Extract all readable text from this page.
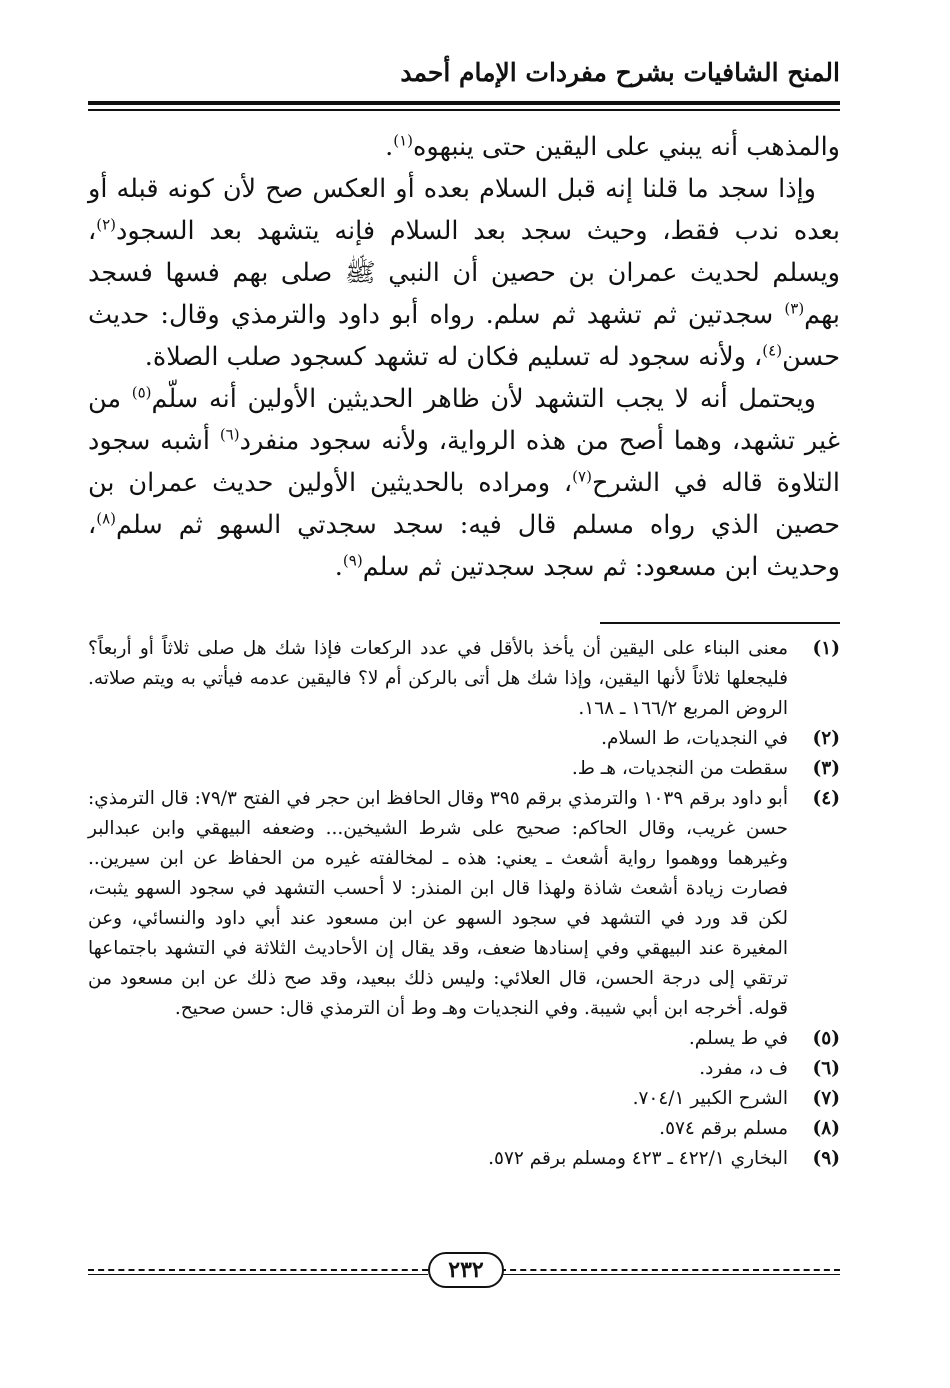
المنح الشافيات بشرح مفردات الإمام أحمد

والمذهب أنه يبني على اليقين حتى ينبهوه$^{(١)}$.

وإذا سجد ما قلنا إنه قبل السلام بعده أو العكس صح لأن كونه قبله أو بعده ندب فقط، وحيث سجد بعد السلام فإنه يتشهد بعد السجود$^{(٢)}$، ويسلم لحديث عمران بن حصين أن النبي ﷺ صلى بهم فسها فسجد بهم$^{(٣)}$ سجدتين ثم تشهد ثم سلم. رواه أبو داود والترمذي وقال: حديث حسن$^{(٤)}$، ولأنه سجود له تسليم فكان له تشهد كسجود صلب الصلاة.

ويحتمل أنه لا يجب التشهد لأن ظاهر الحديثين الأولين أنه سلّم$^{(٥)}$ من غير تشهد، وهما أصح من هذه الرواية، ولأنه سجود منفرد$^{(٦)}$ أشبه سجود التلاوة قاله في الشرح$^{(٧)}$، ومراده بالحديثين الأولين حديث عمران بن حصين الذي رواه مسلم قال فيه: سجد سجدتي السهو ثم سلم$^{(٨)}$، وحديث ابن مسعود: ثم سجد سجدتين ثم سلم$^{(٩)}$.

(١)
معنى البناء على اليقين أن يأخذ بالأقل في عدد الركعات فإذا شك هل صلى ثلاثاً أو أربعاً؟ فليجعلها ثلاثاً لأنها اليقين، وإذا شك هل أتى بالركن أم لا؟ فاليقين عدمه فيأتي به ويتم صلاته. الروض المربع ١٦٦/٢ ـ ١٦٨.
(٢)
في النجديات، ط السلام.
(٣)
سقطت من النجديات، هـ ط.
(٤)
أبو داود برقم ١٠٣٩ والترمذي برقم ٣٩٥ وقال الحافظ ابن حجر في الفتح ٧٩/٣: قال الترمذي: حسن غريب، وقال الحاكم: صحيح على شرط الشيخين... وضعفه البيهقي وابن عبدالبر وغيرهما ووهموا رواية أشعث ـ يعني: هذه ـ لمخالفته غيره من الحفاظ عن ابن سيرين.. فصارت زيادة أشعث شاذة ولهذا قال ابن المنذر: لا أحسب التشهد في سجود السهو يثبت، لكن قد ورد في التشهد في سجود السهو عن ابن مسعود عند أبي داود والنسائي، وعن المغيرة عند البيهقي وفي إسنادها ضعف، وقد يقال إن الأحاديث الثلاثة في التشهد باجتماعها ترتقي إلى درجة الحسن، قال العلائي: وليس ذلك ببعيد، وقد صح ذلك عن ابن مسعود من قوله. أخرجه ابن أبي شيبة. وفي النجديات وهـ وط أن الترمذي قال: حسن صحيح.
(٥)
في ط يسلم.
(٦)
ف د، مفرد.
(٧)
الشرح الكبير ٧٠٤/١.
(٨)
مسلم برقم ٥٧٤.
(٩)
البخاري ٤٢٢/١ ـ ٤٢٣ ومسلم برقم ٥٧٢.
٢٣٢
